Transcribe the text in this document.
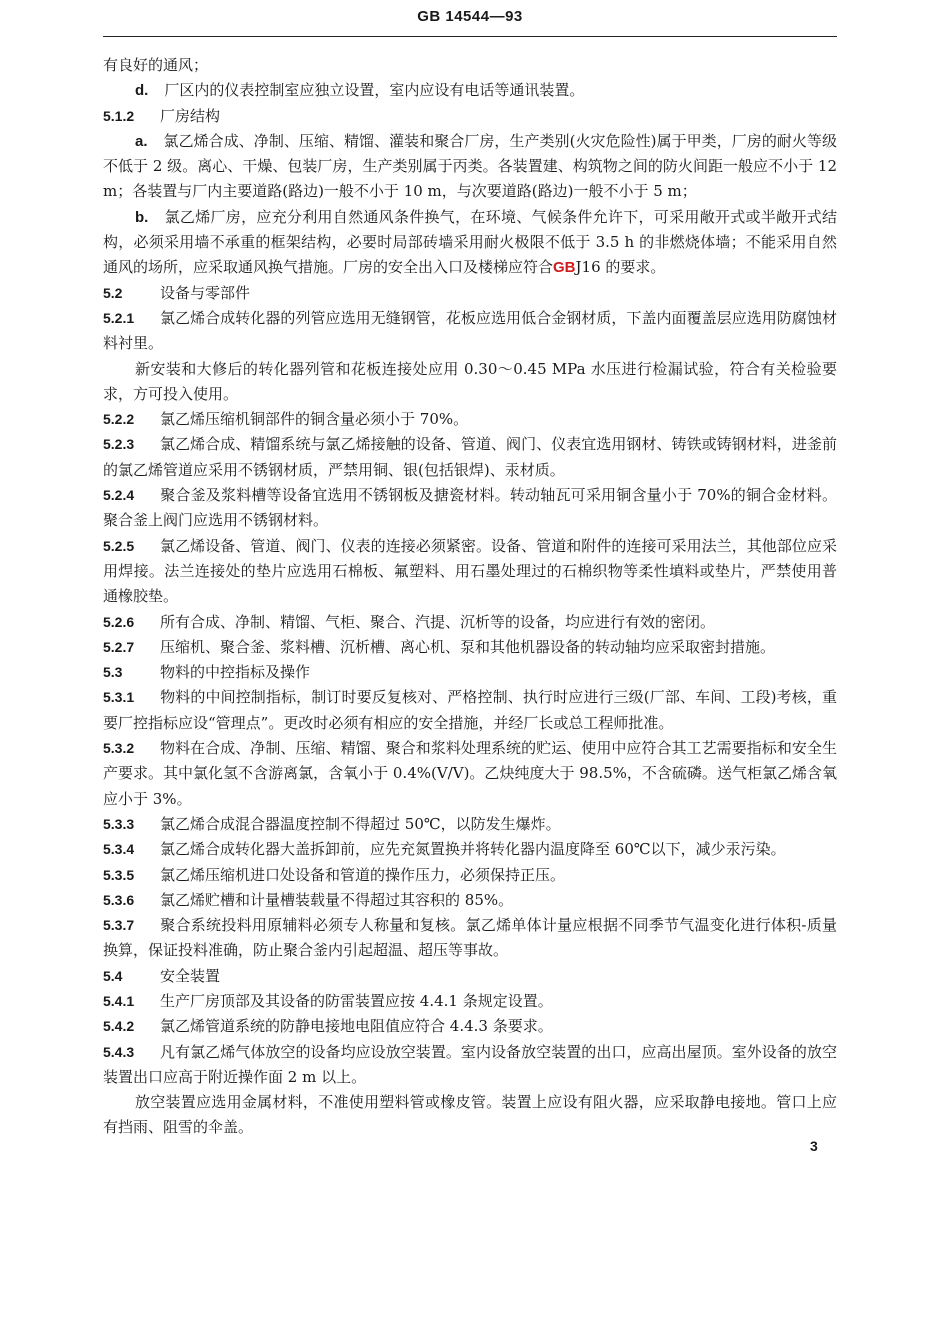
GB 14544—93

有良好的通风；

d. 厂区内的仪表控制室应独立设置，室内应设有电话等通讯装置。

5.1.2 厂房结构

a. 氯乙烯合成、净制、压缩、精馏、灌装和聚合厂房，生产类别(火灾危险性)属于甲类，厂房的耐火等级不低于 2 级。离心、干燥、包装厂房，生产类别属于丙类。各装置建、构筑物之间的防火间距一般应不小于 12 m；各装置与厂内主要道路(路边)一般不小于 10 m，与次要道路(路边)一般不小于 5 m；

b. 氯乙烯厂房，应充分利用自然通风条件换气，在环境、气候条件允许下，可采用敞开式或半敞开式结构，必须采用墙不承重的框架结构，必要时局部砖墙采用耐火极限不低于 3.5 h 的非燃烧体墙；不能采用自然通风的场所，应采取通风换气措施。厂房的安全出入口及楼梯应符合GBJ16 的要求。

5.2	设备与零部件

5.2.1 氯乙烯合成转化器的列管应选用无缝钢管，花板应选用低合金钢材质，下盖内面覆盖层应选用防腐蚀材料衬里。

新安装和大修后的转化器列管和花板连接处应用 0.30～0.45 MPa 水压进行检漏试验，符合有关检验要求，方可投入使用。

5.2.2 氯乙烯压缩机铜部件的铜含量必须小于 70%。

5.2.3 氯乙烯合成、精馏系统与氯乙烯接触的设备、管道、阀门、仪表宜选用钢材、铸铁或铸钢材料，进釜前的氯乙烯管道应采用不锈钢材质，严禁用铜、银(包括银焊)、汞材质。

5.2.4 聚合釜及浆料槽等设备宜选用不锈钢板及搪瓷材料。转动轴瓦可采用铜含量小于 70%的铜合金材料。聚合釜上阀门应选用不锈钢材料。

5.2.5 氯乙烯设备、管道、阀门、仪表的连接必须紧密。设备、管道和附件的连接可采用法兰，其他部位应采用焊接。法兰连接处的垫片应选用石棉板、氟塑料、用石墨处理过的石棉织物等柔性填料或垫片，严禁使用普通橡胶垫。

5.2.6 所有合成、净制、精馏、气柜、聚合、汽提、沉析等的设备，均应进行有效的密闭。

5.2.7 压缩机、聚合釜、浆料槽、沉析槽、离心机、泵和其他机器设备的转动轴均应采取密封措施。

5.3	物料的中控指标及操作

5.3.1 物料的中间控制指标，制订时要反复核对、严格控制、执行时应进行三级(厂部、车间、工段)考核，重要厂控指标应设“管理点”。更改时必须有相应的安全措施，并经厂长或总工程师批准。

5.3.2 物料在合成、净制、压缩、精馏、聚合和浆料处理系统的贮运、使用中应符合其工艺需要指标和安全生产要求。其中氯化氢不含游离氯，含氧小于 0.4%(V/V)。乙炔纯度大于 98.5%，不含硫磷。送气柜氯乙烯含氧应小于 3%。

5.3.3 氯乙烯合成混合器温度控制不得超过 50℃，以防发生爆炸。

5.3.4 氯乙烯合成转化器大盖拆卸前，应先充氮置换并将转化器内温度降至 60℃以下，减少汞污染。

5.3.5 氯乙烯压缩机进口处设备和管道的操作压力，必须保持正压。

5.3.6 氯乙烯贮槽和计量槽装载量不得超过其容积的 85%。

5.3.7 聚合系统投料用原辅料必须专人称量和复核。氯乙烯单体计量应根据不同季节气温变化进行体积-质量换算，保证投料准确，防止聚合釜内引起超温、超压等事故。

5.4	安全装置

5.4.1 生产厂房顶部及其设备的防雷装置应按 4.4.1 条规定设置。

5.4.2 氯乙烯管道系统的防静电接地电阻值应符合 4.4.3 条要求。

5.4.3 凡有氯乙烯气体放空的设备均应设放空装置。室内设备放空装置的出口，应高出屋顶。室外设备的放空装置出口应高于附近操作面 2 m 以上。

放空装置应选用金属材料，不准使用塑料管或橡皮管。装置上应设有阻火器，应采取静电接地。管口上应有挡雨、阻雪的伞盖。

3
